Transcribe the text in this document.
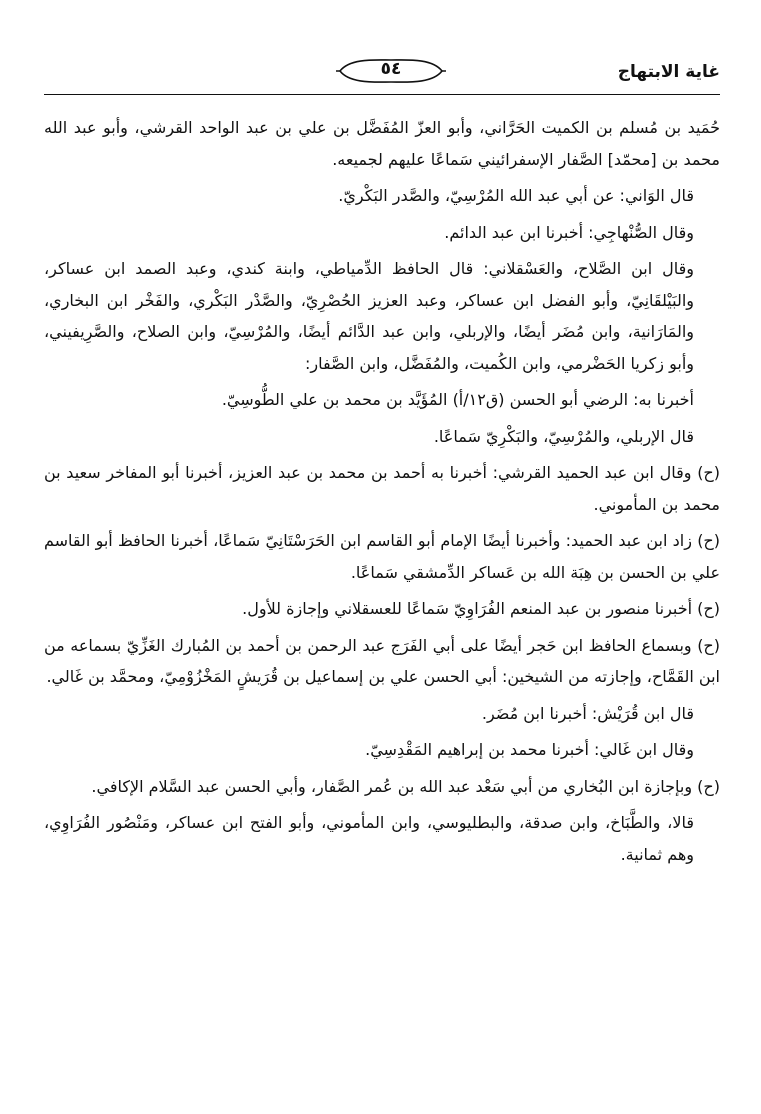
غاية الابتهاج
٥٤

حُمَيد بن مُسلم بن الكميت الحَرَّاني، وأبو العزّ المُفَضَّل بن علي بن عبد الواحد القرشي، وأبو عبد الله محمد بن [محمّد] الصَّفار الإسفرائيني سَماعًا عليهم لجميعه.

قال الوَاني: عن أبي عبد الله المُرْسِيّ، والصَّدر البَكْريّ.

وقال الصُّنْهاجِي: أخبرنا ابن عبد الدائم.

وقال ابن الصَّلاح، والعَسْقلاني: قال الحافظ الدِّمياطي، وابنة كندي، وعبد الصمد ابن عساكر، والبَيْلقَانِيّ، وأبو الفضل ابن عساكر، وعبد العزيز الحُصْرِيّ، والصَّدْر البَكْري، والفَخْر ابن البخاري، والمَارَانية، وابن مُضَر أيضًا، والإربلي، وابن عبد الدَّائم أيضًا، والمُرْسِيّ، وابن الصلاح، والصَّرِيفيني، وأبو زكريا الحَضْرمي، وابن الكُميت، والمُفَضَّل، وابن الصَّفار:

أخبرنا به: الرضي أبو الحسن (ق١٢/أ) المُؤَيَّد بن محمد بن علي الطُّوسِيّ.

قال الإربلي، والمُرْسِيّ، والبَكْرِيّ سَماعًا.

(ح) وقال ابن عبد الحميد القرشي: أخبرنا به أحمد بن محمد بن عبد العزيز، أخبرنا أبو المفاخر سعيد بن محمد بن المأموني.

(ح) زاد ابن عبد الحميد: وأخبرنا أيضًا الإمام أبو القاسم ابن الحَرَسْتَانِيّ سَماعًا، أخبرنا الحافظ أبو القاسم علي بن الحسن بن هِبَة الله بن عَساكر الدِّمشقي سَماعًا.

(ح) أخبرنا منصور بن عبد المنعم الفُرَاوِيّ سَماعًا للعسقلاني وإجازة للأول.

(ح) وبسماع الحافظ ابن حَجر أيضًا على أبي الفَرَج عبد الرحمن بن أحمد بن المُبارك الغَزِّيّ بسماعه من ابن القَمَّاح، وإجازته من الشيخين: أبي الحسن علي بن إسماعيل بن قُرَيشٍ المَخْزُوْمِيّ، ومحمَّد بن غَالي.

قال ابن قُرَيْش: أخبرنا ابن مُضَر.

وقال ابن غَالي: أخبرنا محمد بن إبراهيم المَقْدِسِيّ.

(ح) وبإجازة ابن البُخاري من أبي سَعْد عبد الله بن عُمر الصَّفار، وأبي الحسن عبد السَّلام الإكافي.

قالا، والطَّبَاخ، وابن صدقة، والبطليوسي، وابن المأموني، وأبو الفتح ابن عساكر، ومَنْصُور الفُرَاوِي، وهم ثمانية.
